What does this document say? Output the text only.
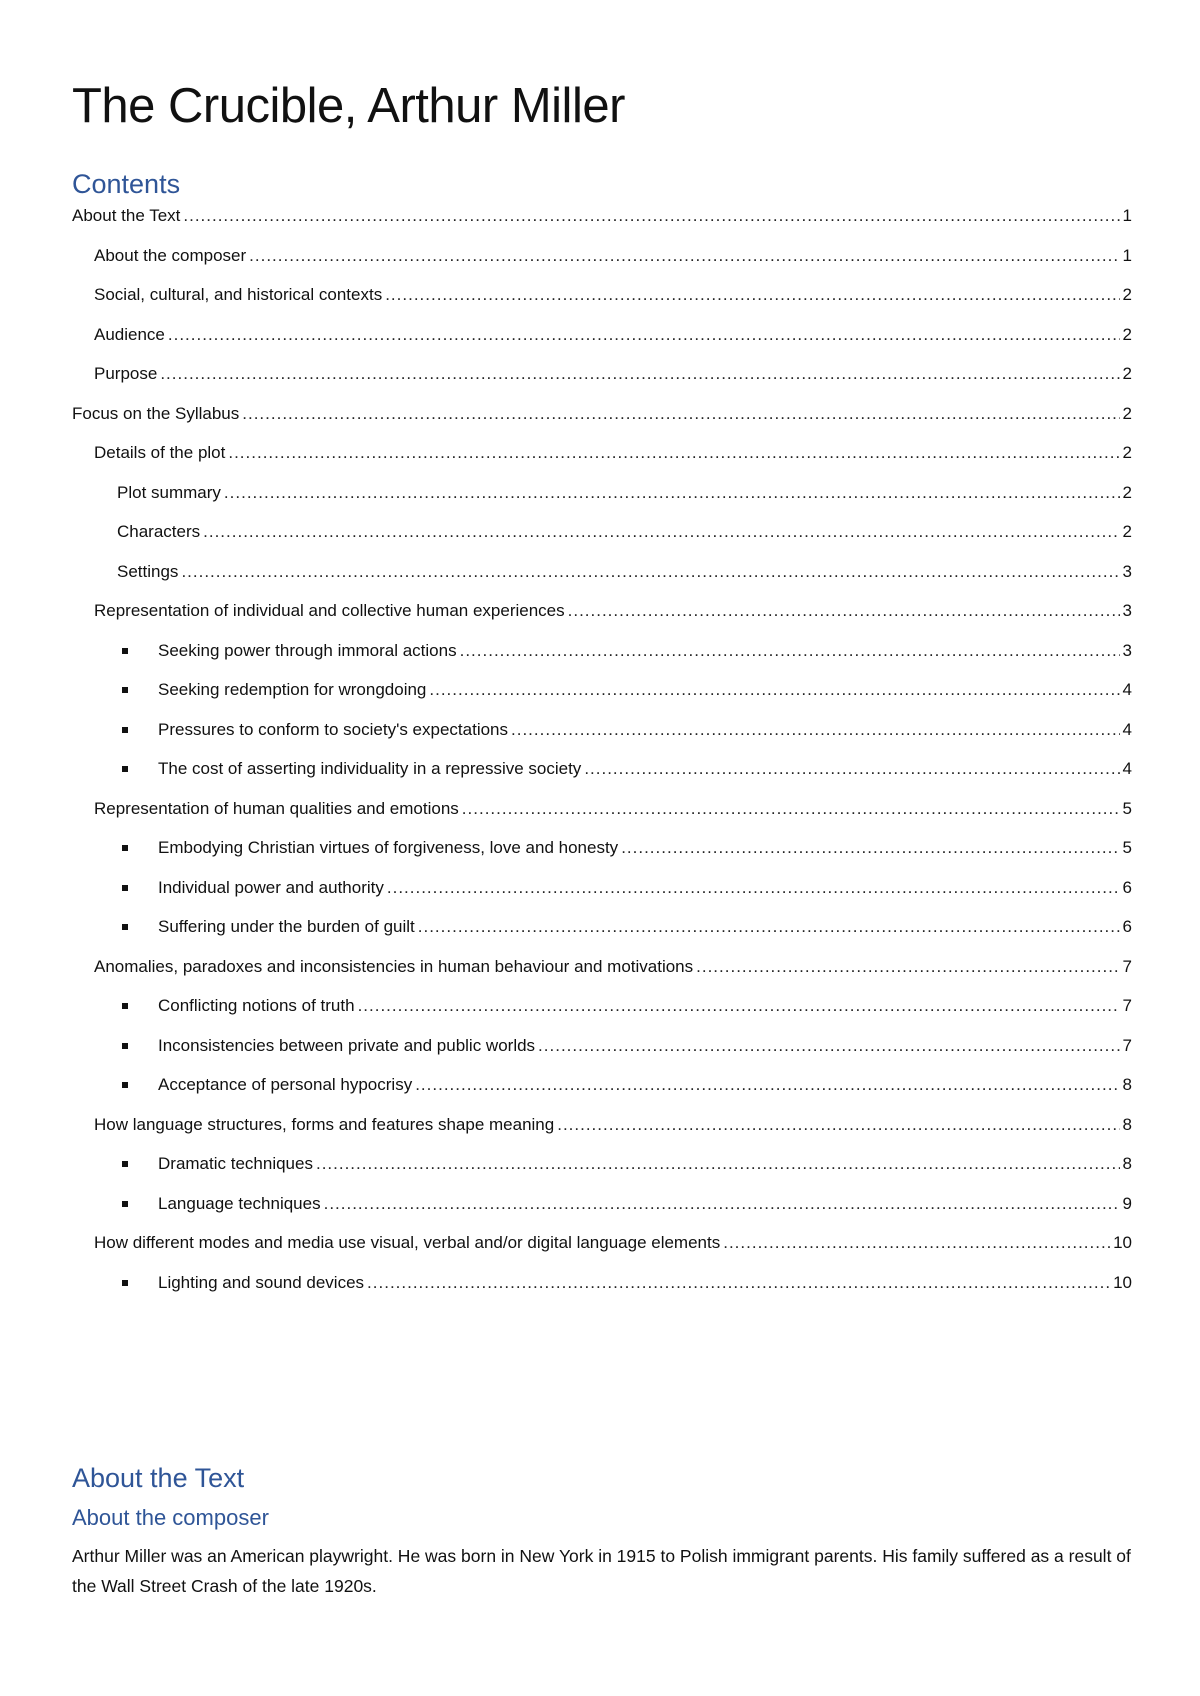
The Crucible, Arthur Miller
Contents
About the Text .....	1
About the composer .....	1
Social, cultural, and historical contexts .....	2
Audience .....	2
Purpose .....	2
Focus on the Syllabus .....	2
Details of the plot .....	2
Plot summary .....	2
Characters .....	2
Settings .....	3
Representation of individual and collective human experiences .....	3
Seeking power through immoral actions .....	3
Seeking redemption for wrongdoing .....	4
Pressures to conform to society's expectations .....	4
The cost of asserting individuality in a repressive society .....	4
Representation of human qualities and emotions .....	5
Embodying Christian virtues of forgiveness, love and honesty .....	5
Individual power and authority .....	6
Suffering under the burden of guilt .....	6
Anomalies, paradoxes and inconsistencies in human behaviour and motivations .....	7
Conflicting notions of truth .....	7
Inconsistencies between private and public worlds .....	7
Acceptance of personal hypocrisy .....	8
How language structures, forms and features shape meaning .....	8
Dramatic techniques .....	8
Language techniques .....	9
How different modes and media use visual, verbal and/or digital language elements .....	10
Lighting and sound devices .....	10
About the Text
About the composer

Arthur Miller was an American playwright. He was born in New York in 1915 to Polish immigrant parents. His family suffered as a result of the Wall Street Crash of the late 1920s.
